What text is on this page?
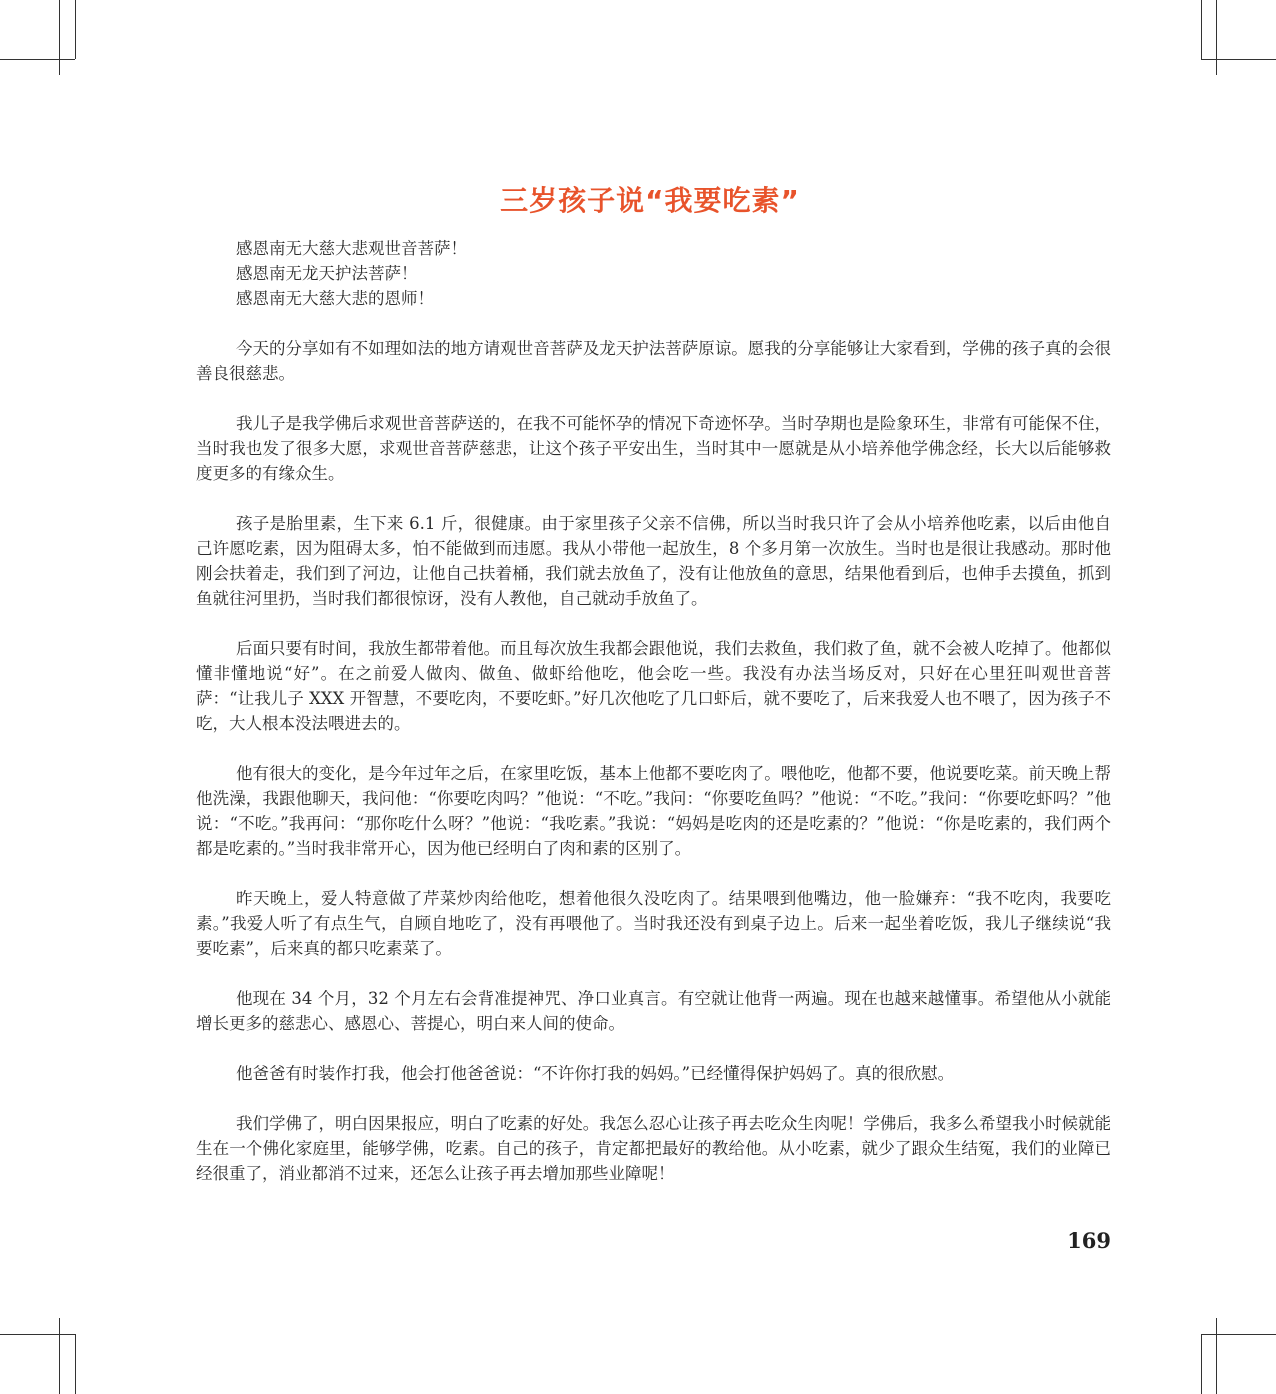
三岁孩子说“我要吃素”

感恩南无大慈大悲观世音菩萨！

感恩南无龙天护法菩萨！

感恩南无大慈大悲的恩师！

今天的分享如有不如理如法的地方请观世音菩萨及龙天护法菩萨原谅。愿我的分享能够让大家看到，学佛的孩子真的会很善良很慈悲。

我儿子是我学佛后求观世音菩萨送的，在我不可能怀孕的情况下奇迹怀孕。当时孕期也是险象环生，非常有可能保不住，当时我也发了很多大愿，求观世音菩萨慈悲，让这个孩子平安出生，当时其中一愿就是从小培养他学佛念经，长大以后能够救度更多的有缘众生。

孩子是胎里素，生下来 6.1 斤，很健康。由于家里孩子父亲不信佛，所以当时我只许了会从小培养他吃素，以后由他自己许愿吃素，因为阻碍太多，怕不能做到而违愿。我从小带他一起放生，8 个多月第一次放生。当时也是很让我感动。那时他刚会扶着走，我们到了河边，让他自己扶着桶，我们就去放鱼了，没有让他放鱼的意思，结果他看到后，也伸手去摸鱼，抓到鱼就往河里扔，当时我们都很惊讶，没有人教他，自己就动手放鱼了。

后面只要有时间，我放生都带着他。而且每次放生我都会跟他说，我们去救鱼，我们救了鱼，就不会被人吃掉了。他都似懂非懂地说“好”。在之前爱人做肉、做鱼、做虾给他吃，他会吃一些。我没有办法当场反对，只好在心里狂叫观世音菩萨：“让我儿子 XXX 开智慧，不要吃肉，不要吃虾。”好几次他吃了几口虾后，就不要吃了，后来我爱人也不喂了，因为孩子不吃，大人根本没法喂进去的。

他有很大的变化，是今年过年之后，在家里吃饭，基本上他都不要吃肉了。喂他吃，他都不要，他说要吃菜。前天晚上帮他洗澡，我跟他聊天，我问他：“你要吃肉吗？”他说：“不吃。”我问：“你要吃鱼吗？”他说：“不吃。”我问：“你要吃虾吗？”他说：“不吃。”我再问：“那你吃什么呀？”他说：“我吃素。”我说：“妈妈是吃肉的还是吃素的？”他说：“你是吃素的，我们两个都是吃素的。”当时我非常开心，因为他已经明白了肉和素的区别了。

昨天晚上，爱人特意做了芹菜炒肉给他吃，想着他很久没吃肉了。结果喂到他嘴边，他一脸嫌弃：“我不吃肉，我要吃素。”我爱人听了有点生气，自顾自地吃了，没有再喂他了。当时我还没有到桌子边上。后来一起坐着吃饭，我儿子继续说“我要吃素”，后来真的都只吃素菜了。

他现在 34 个月，32 个月左右会背准提神咒、净口业真言。有空就让他背一两遍。现在也越来越懂事。希望他从小就能增长更多的慈悲心、感恩心、菩提心，明白来人间的使命。

他爸爸有时装作打我，他会打他爸爸说：“不许你打我的妈妈。”已经懂得保护妈妈了。真的很欣慰。

我们学佛了，明白因果报应，明白了吃素的好处。我怎么忍心让孩子再去吃众生肉呢！学佛后，我多么希望我小时候就能生在一个佛化家庭里，能够学佛，吃素。自己的孩子，肯定都把最好的教给他。从小吃素，就少了跟众生结冤，我们的业障已经很重了，消业都消不过来，还怎么让孩子再去增加那些业障呢！

169
